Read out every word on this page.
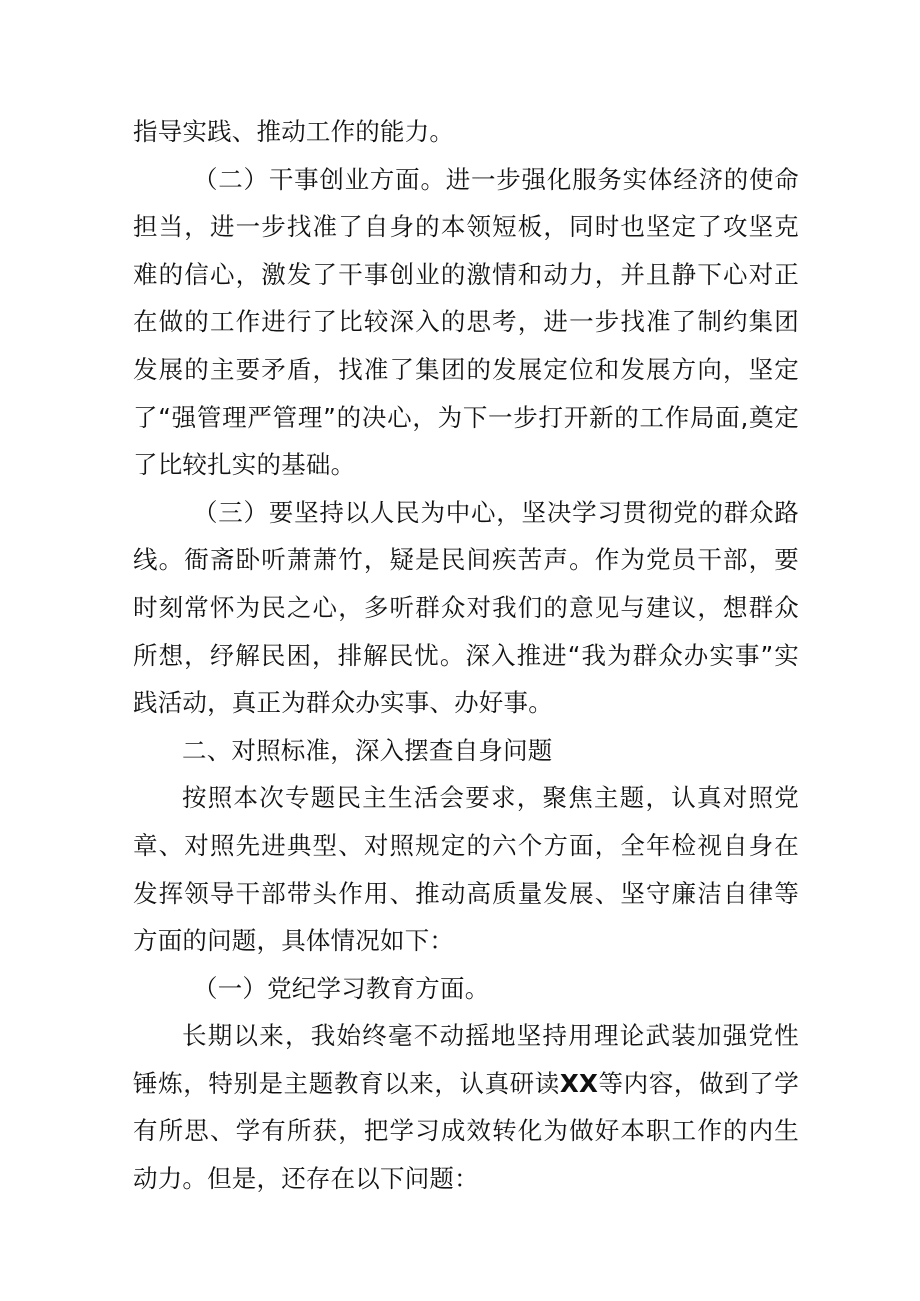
指导实践、推动工作的能力。

（二）干事创业方面。进一步强化服务实体经济的使命担当，进一步找准了自身的本领短板，同时也坚定了攻坚克难的信心，激发了干事创业的激情和动力，并且静下心对正在做的工作进行了比较深入的思考，进一步找准了制约集团发展的主要矛盾，找准了集团的发展定位和发展方向，坚定了“强管理严管理”的决心，为下一步打开新的工作局面,奠定了比较扎实的基础。

（三）要坚持以人民为中心，坚决学习贯彻党的群众路线。衙斋卧听萧萧竹，疑是民间疾苦声。作为党员干部，要时刻常怀为民之心，多听群众对我们的意见与建议，想群众所想，纾解民困，排解民忧。深入推进“我为群众办实事”实践活动，真正为群众办实事、办好事。

二、对照标准，深入摆查自身问题

按照本次专题民主生活会要求，聚焦主题，认真对照党章、对照先进典型、对照规定的六个方面，全年检视自身在发挥领导干部带头作用、推动高质量发展、坚守廉洁自律等方面的问题，具体情况如下：

（一）党纪学习教育方面。

长期以来，我始终毫不动摇地坚持用理论武装加强党性锤炼，特别是主题教育以来，认真研读XX等内容，做到了学有所思、学有所获，把学习成效转化为做好本职工作的内生动力。但是，还存在以下问题：
